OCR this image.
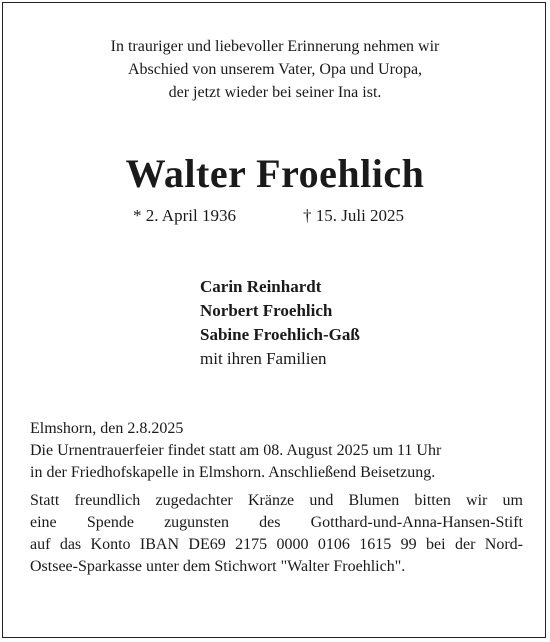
In trauriger und liebevoller Erinnerung nehmen wir
Abschied von unserem Vater, Opa und Uropa,
der jetzt wieder bei seiner Ina ist.
Walter Froehlich
* 2. April 1936	† 15. Juli 2025
Carin Reinhardt
Norbert Froehlich
Sabine Froehlich-Gaß
mit ihren Familien
Elmshorn, den 2.8.2025
Die Urnentrauerfeier findet statt am 08. August 2025 um 11 Uhr
in der Friedhofskapelle in Elmshorn. Anschließend Beisetzung.
Statt freundlich zugedachter Kränze und Blumen bitten wir um
eine Spende zugunsten des Gotthard-und-Anna-Hansen-Stift
auf das Konto IBAN DE69 2175 0000 0106 1615 99 bei der Nord-
Ostsee-Sparkasse unter dem Stichwort "Walter Froehlich".
